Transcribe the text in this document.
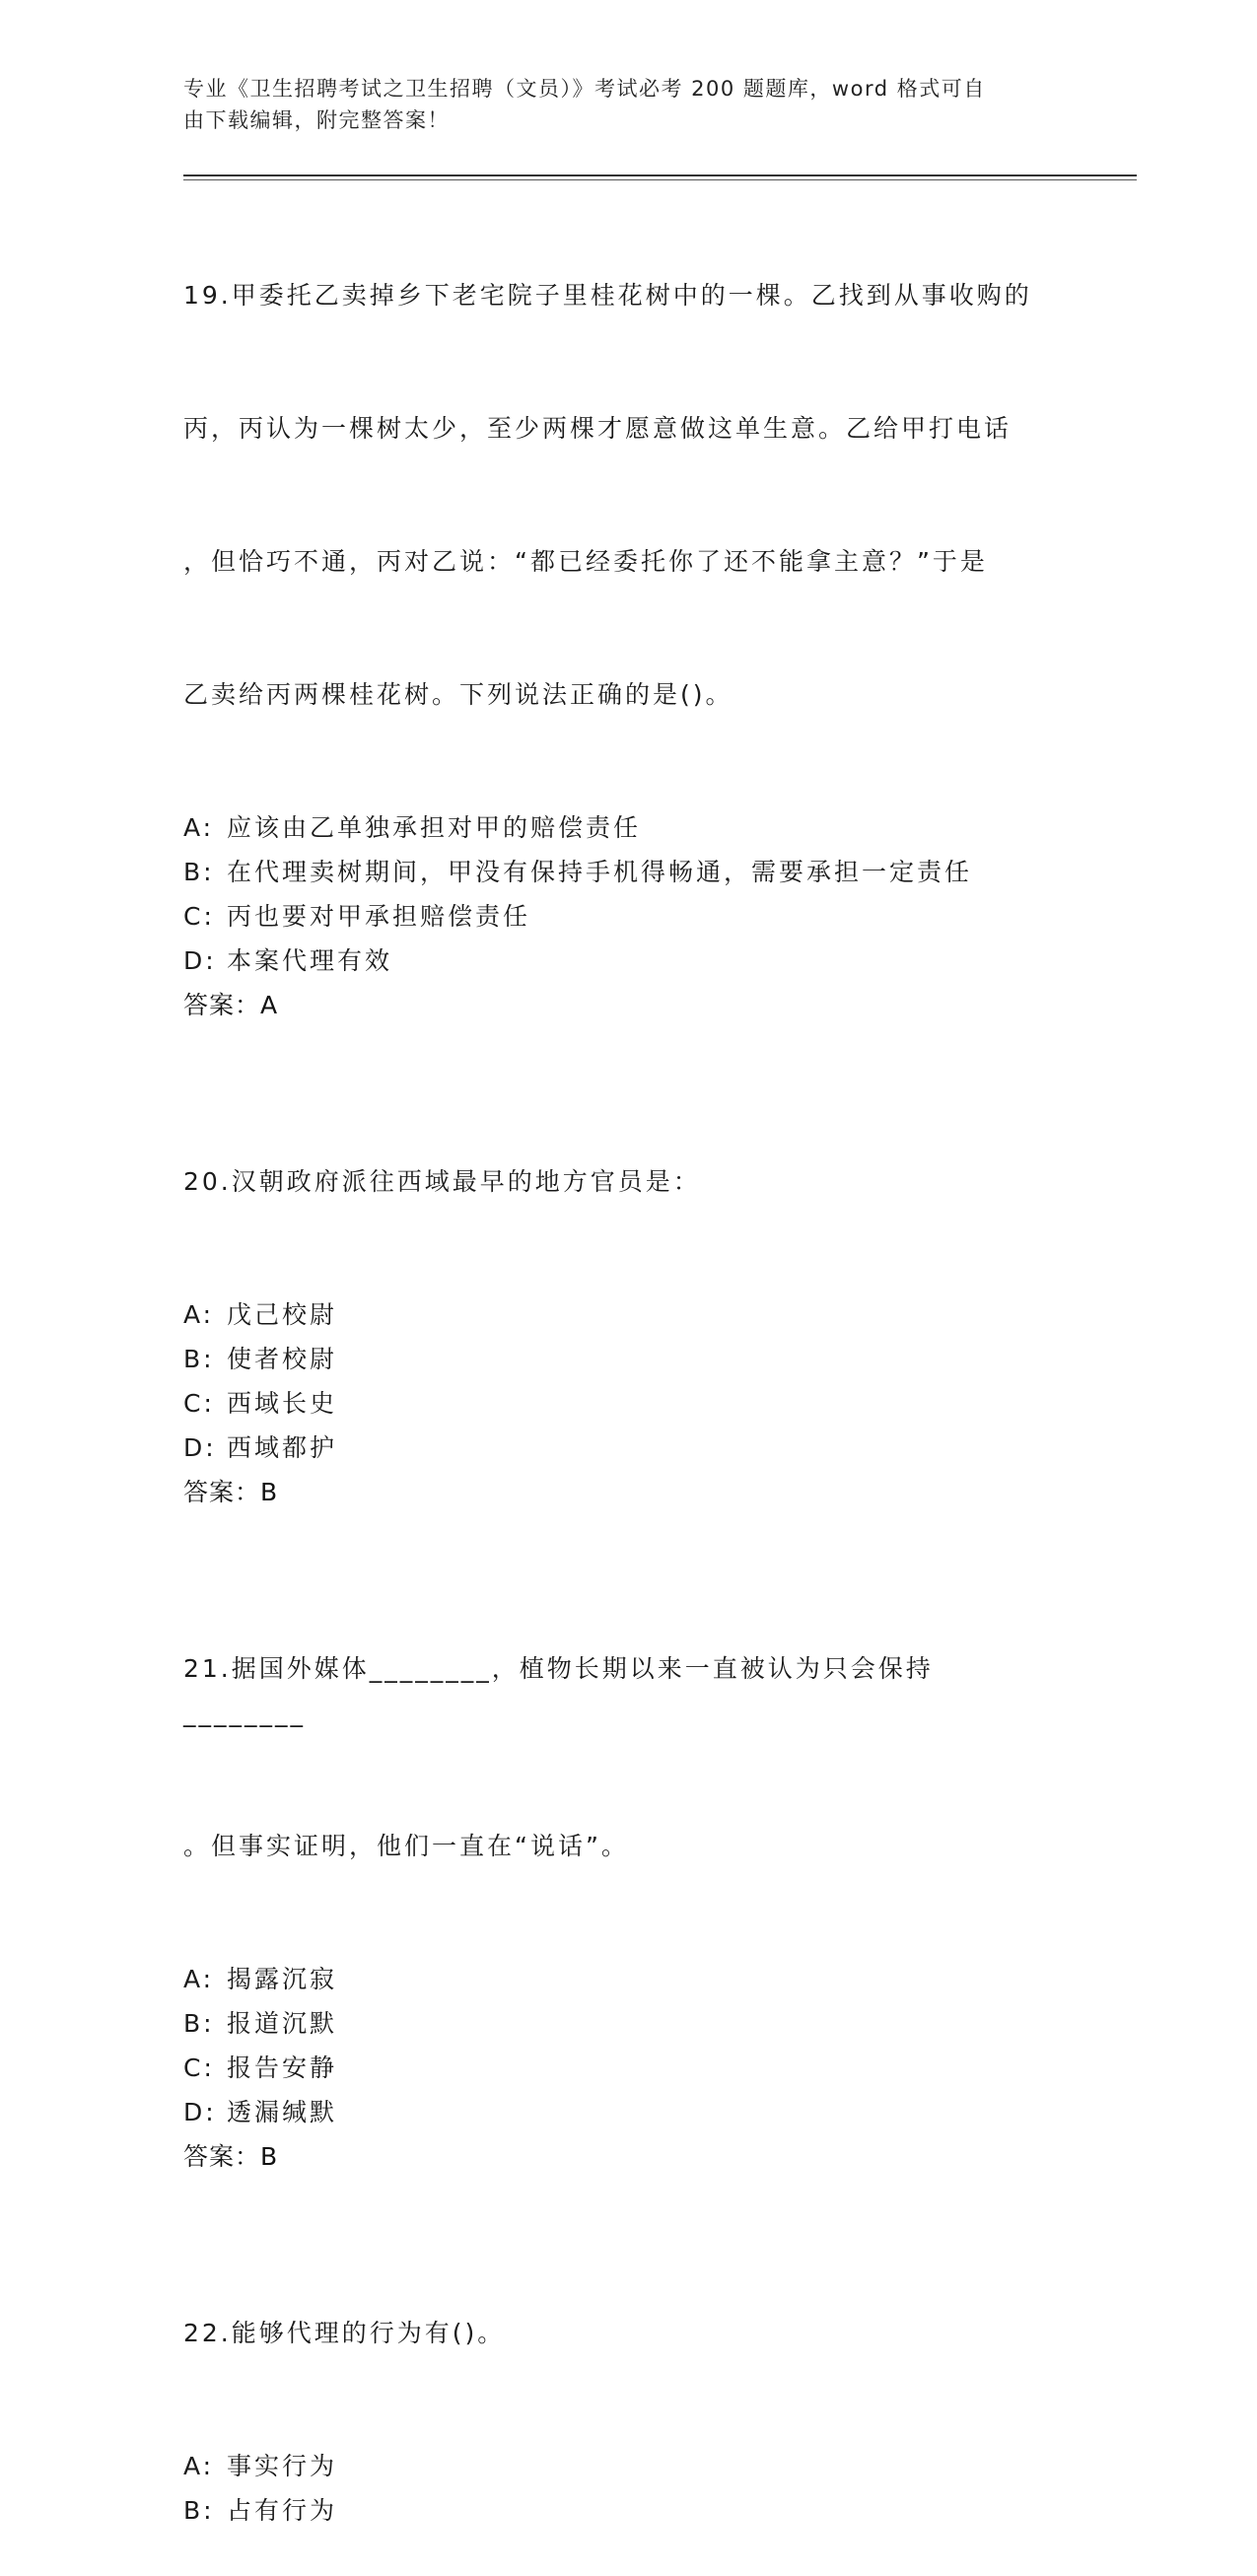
专业《卫生招聘考试之卫生招聘（文员）》考试必考 200 题题库，word 格式可自
由下载编辑，附完整答案！

19.甲委托乙卖掉乡下老宅院子里桂花树中的一棵。乙找到从事收购的

丙，丙认为一棵树太少，至少两棵才愿意做这单生意。乙给甲打电话

，但恰巧不通，丙对乙说：“都已经委托你了还不能拿主意？”于是

乙卖给丙两棵桂花树。下列说法正确的是()。

A: 应该由乙单独承担对甲的赔偿责任
B: 在代理卖树期间，甲没有保持手机得畅通，需要承担一定责任
C: 丙也要对甲承担赔偿责任
D: 本案代理有效
答案：A

20.汉朝政府派往西域最早的地方官员是：

A: 戊己校尉
B: 使者校尉
C: 西域长史
D: 西域都护
答案：B

21.据国外媒体________，植物长期以来一直被认为只会保持________

。但事实证明，他们一直在“说话”。

A: 揭露沉寂
B: 报道沉默
C: 报告安静
D: 透漏缄默
答案：B

22.能够代理的行为有()。

A: 事实行为
B: 占有行为
